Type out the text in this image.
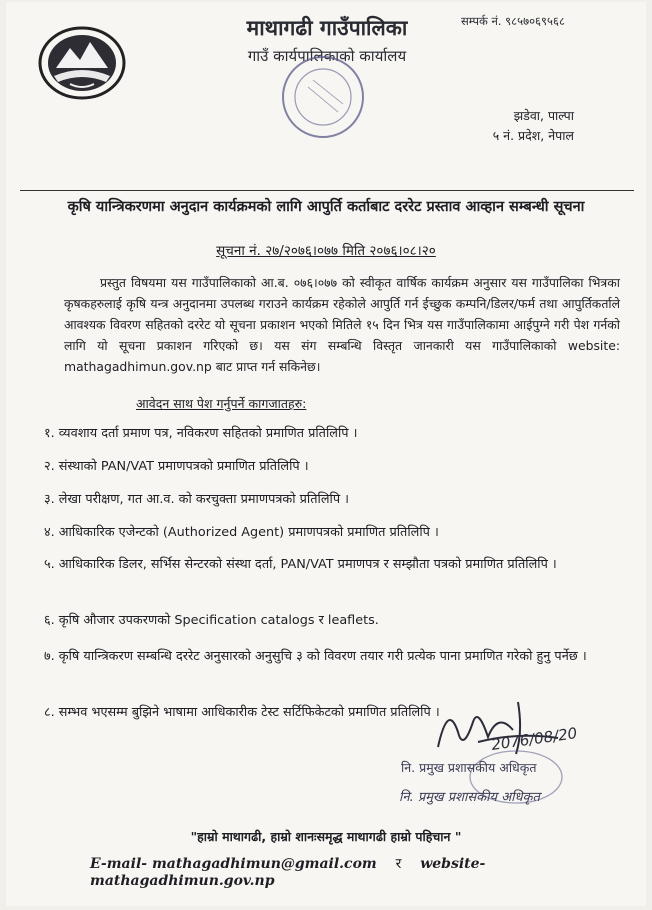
माथागढी गाउँपालिका
गाउँ कार्यपालिकाको कार्यालय
सम्पर्क नं. ९८५७०६९५६८
झडेवा, पाल्पा
५ नं. प्रदेश, नेपाल
कृषि यान्त्रिकरणमा अनुदान कार्यक्रमको लागि आपुर्ति कर्ताबाट दररेट प्रस्ताव आव्हान सम्बन्धी सूचना
सूचना नं. २७/२०७६।०७७ मिति २०७६।०८।२०
प्रस्तुत विषयमा यस गाउँपालिकाको आ.ब. ०७६।०७७ को स्वीकृत वार्षिक कार्यक्रम अनुसार यस गाउँपालिका भित्रका कृषकहरुलाई कृषि यन्त्र अनुदानमा उपलब्ध गराउने कार्यक्रम रहेकोले आपुर्ति गर्न ईच्छुक कम्पनि/डिलर/फर्म तथा आपुर्तिकर्ताले आवश्यक विवरण सहितको दररेट यो सूचना प्रकाशन भएको मितिले १५ दिन भित्र यस गाउँपालिकामा आईपुग्ने गरी पेश गर्नको लागि यो सूचना प्रकाशन गरिएको छ। यस संग सम्बन्धि विस्तृत जानकारी यस गाउँपालिकाको website: mathagadhimun.gov.np बाट प्राप्त गर्न सकिनेछ।
आवेदन साथ पेश गर्नुपर्ने कागजातहरु:
१. व्यवशाय दर्ता प्रमाण पत्र, नविकरण सहितको प्रमाणित प्रतिलिपि ।
२. संस्थाको PAN/VAT प्रमाणपत्रको प्रमाणित प्रतिलिपि ।
३. लेखा परीक्षण, गत आ.व. को करचुक्ता प्रमाणपत्रको प्रतिलिपि ।
४. आधिकारिक एजेन्टको (Authorized Agent) प्रमाणपत्रको प्रमाणित प्रतिलिपि ।
५. आधिकारिक डिलर, सर्भिस सेन्टरको संस्था दर्ता, PAN/VAT प्रमाणपत्र र सम्झौता पत्रको प्रमाणित प्रतिलिपि ।
६. कृषि औजार उपकरणको Specification catalogs र leaflets.
७. कृषि यान्त्रिकरण सम्बन्धि दररेट अनुसारको अनुसुचि ३ को विवरण तयार गरी प्रत्येक पाना प्रमाणित गरेको हुनु पर्नेछ ।
८. सम्भव भएसम्म बुझिने भाषामा आधिकारीक टेस्ट सर्टिफिकेटको प्रमाणित प्रतिलिपि ।
2076/08/20
नि. प्रमुख प्रशासकीय अधिकृत
नि. प्रमुख प्रशासकीय अधिकृत
"हाम्रो माथागढी, हाम्रो शानःसमृद्ध माथागढी हाम्रो पहिचान "
E-mail- mathagadhimun@gmail.com र website- mathagadhimun.gov.np
